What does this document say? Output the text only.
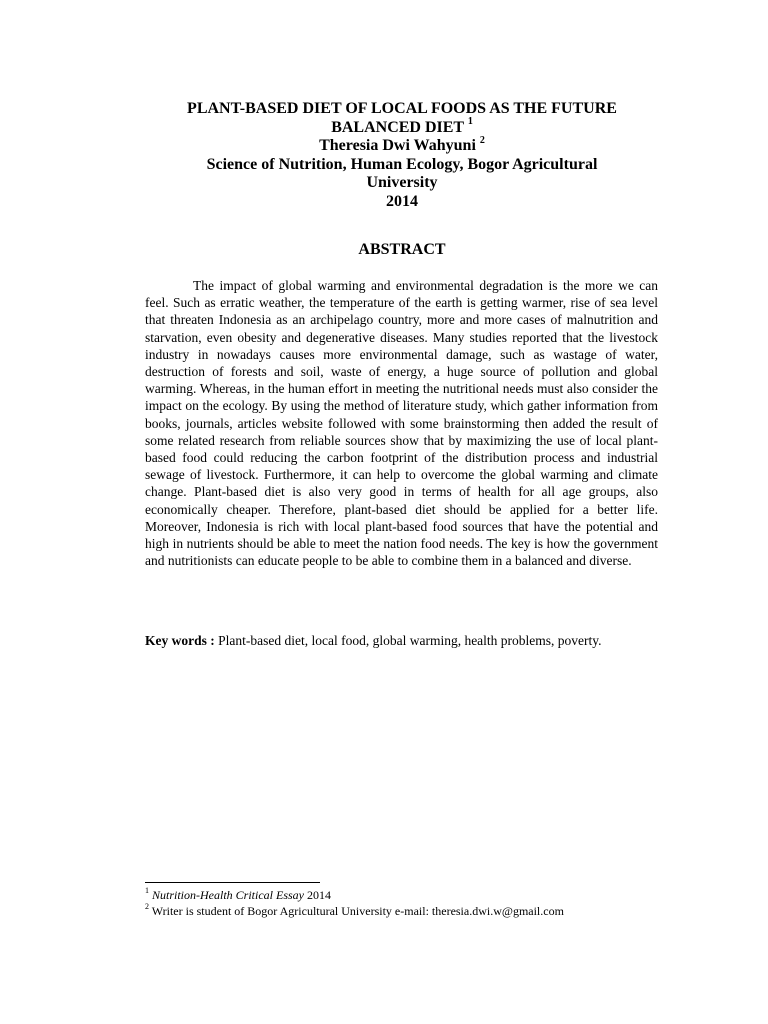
PLANT-BASED DIET OF LOCAL FOODS AS THE FUTURE
BALANCED DIET $^1$
Theresia Dwi Wahyuni $^2$
Science of Nutrition, Human Ecology, Bogor Agricultural
University
2014
ABSTRACT

The impact of global warming and environmental degradation is the more we can feel. Such as erratic weather, the temperature of the earth is getting warmer, rise of sea level that threaten Indonesia as an archipelago country, more and more cases of malnutrition and starvation, even obesity and degenerative diseases. Many studies reported that the livestock industry in nowadays causes more environmental damage, such as wastage of water, destruction of forests and soil, waste of energy, a huge source of pollution and global warming. Whereas, in the human effort in meeting the nutritional needs must also consider the impact on the ecology. By using the method of literature study, which gather information from books, journals, articles website followed with some brainstorming then added the result of some related research from reliable sources show that by maximizing the use of local plant-based food could reducing the carbon footprint of the distribution process and industrial sewage of livestock. Furthermore, it can help to overcome the global warming and climate change. Plant-based diet is also very good in terms of health for all age groups, also economically cheaper. Therefore, plant-based diet should be applied for a better life. Moreover, Indonesia is rich with local plant-based food sources that have the potential and high in nutrients should be able to meet the nation food needs. The key is how the government and nutritionists can educate people to be able to combine them in a balanced and diverse.

Key words : Plant-based diet, local food, global warming, health problems, poverty.

$^1$ Nutrition-Health Critical Essay 2014
$^2$ Writer is student of Bogor Agricultural University e-mail: theresia.dwi.w@gmail.com
